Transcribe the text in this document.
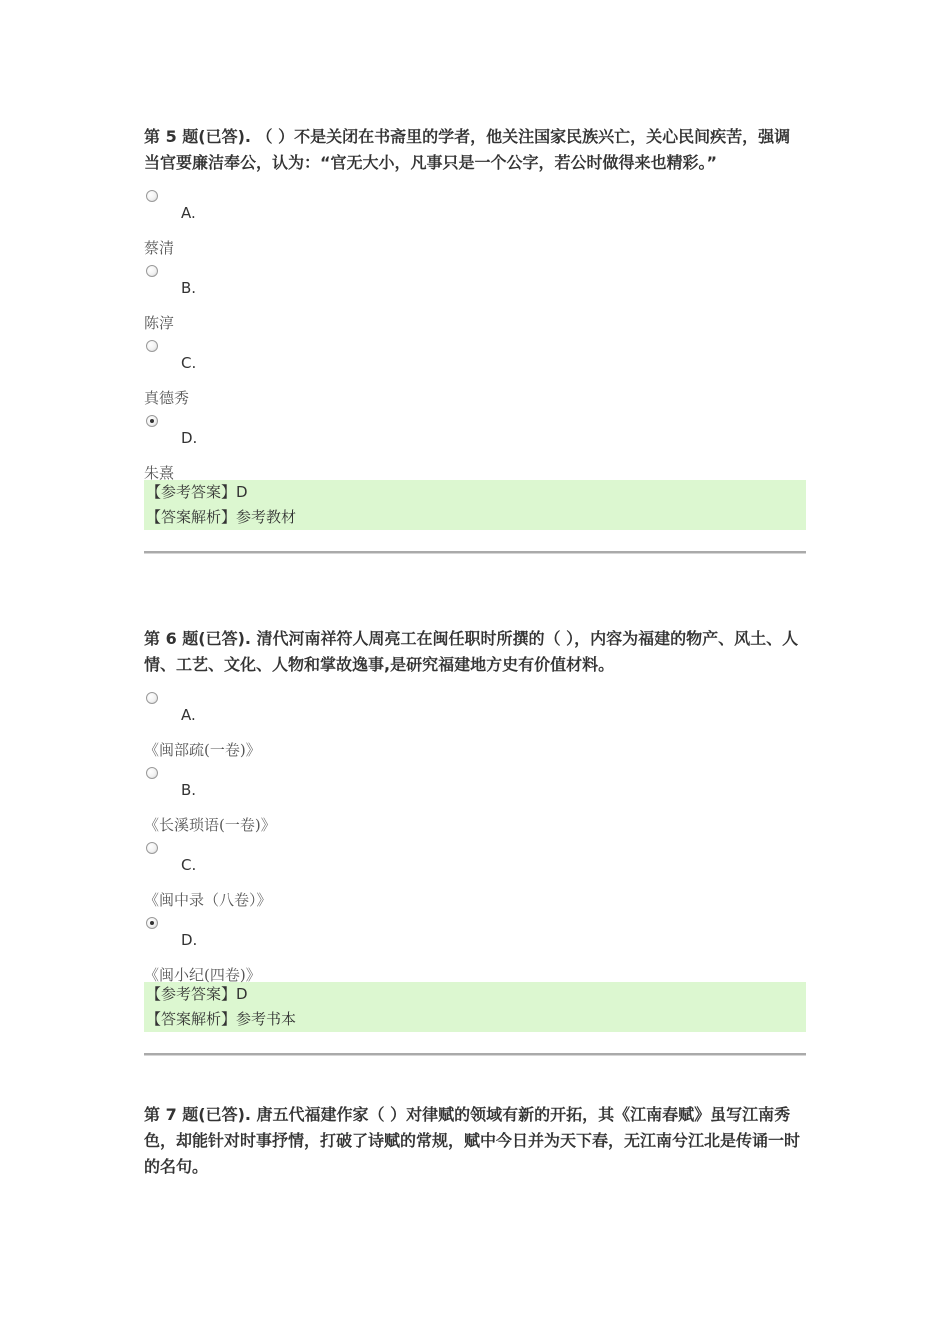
第 5 题(已答). （ ）不是关闭在书斋里的学者，他关注国家民族兴亡，关心民间疾苦，强调当官要廉洁奉公，认为：“官无大小，凡事只是一个公字，若公时做得来也精彩。”

A.
蔡清
B.
陈淳
C.
真德秀
D.
朱熹
【参考答案】D
【答案解析】参考教材

第 6 题(已答). 清代河南祥符人周亮工在闽任职时所撰的（ ），内容为福建的物产、风土、人情、工艺、文化、人物和掌故逸事,是研究福建地方史有价值材料。

A.
《闽部疏(一卷)》
B.
《长溪琐语(一卷)》
C.
《闽中录（八卷）》
D.
《闽小纪(四卷)》
【参考答案】D
【答案解析】参考书本

第 7 题(已答). 唐五代福建作家（ ）对律赋的领域有新的开拓，其《江南春赋》虽写江南秀色，却能针对时事抒情，打破了诗赋的常规，赋中今日并为天下春，无江南兮江北是传诵一时的名句。
